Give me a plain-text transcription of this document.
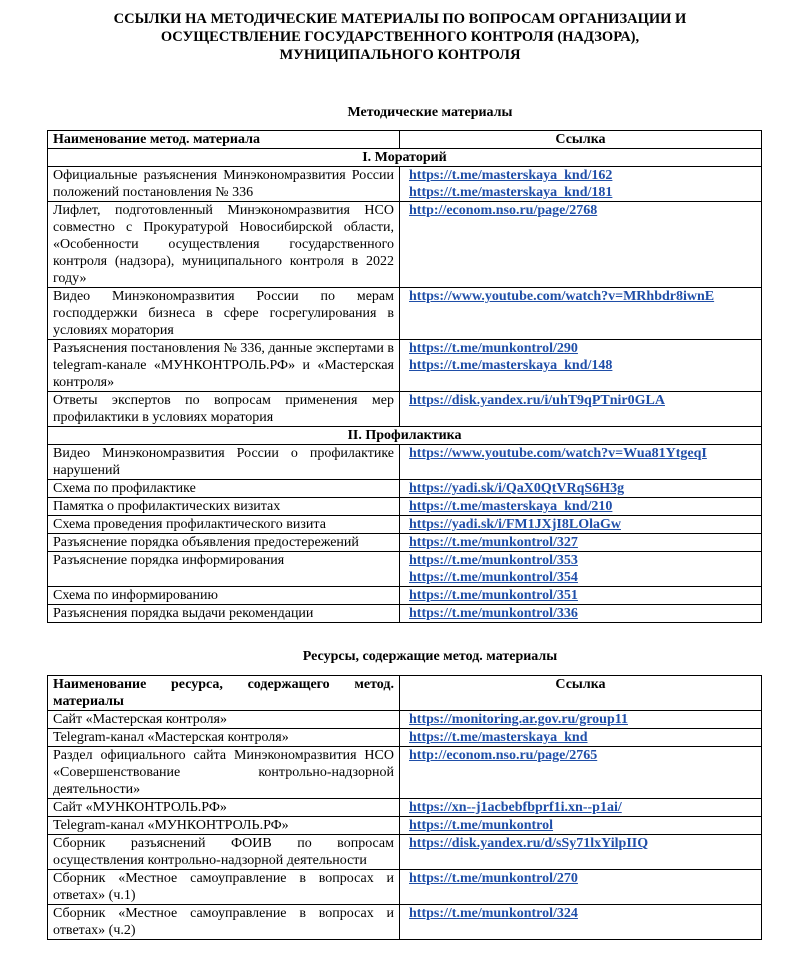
ССЫЛКИ НА МЕТОДИЧЕСКИЕ МАТЕРИАЛЫ ПО ВОПРОСАМ ОРГАНИЗАЦИИ И
ОСУЩЕСТВЛЕНИЕ ГОСУДАРСТВЕННОГО КОНТРОЛЯ (НАДЗОРА),
МУНИЦИПАЛЬНОГО КОНТРОЛЯ
Методические материалы
Наименование метод. материала	Ссылка
I. Мораторий	
Официальные разъяснения Минэкономразвития России положений постановления № 336	https://t.me/masterskaya_knd/162
https://t.me/masterskaya_knd/181

Лифлет, подготовленный Минэкономразвития НСО совместно с Прокуратурой Новосибирской области, «Особенности осуществления государственного контроля (надзора), муниципального контроля в 2022 году»	http://econom.nso.ru/page/2768

Видео Минэкономразвития России по мерам господдержки бизнеса в сфере госрегулирования в условиях моратория	https://www.youtube.com/watch?v=MRhbdr8iwnE

Разъяснения постановления № 336, данные экспертами в telegram-канале «МУНКОНТРОЛЬ.РФ» и «Мастерская контроля»	https://t.me/munkontrol/290
https://t.me/masterskaya_knd/148

Ответы экспертов по вопросам применения мер профилактики в условиях моратория	https://disk.yandex.ru/i/uhT9qPTnir0GLA

II. Профилактика	
Видео Минэкономразвития России о профилактике нарушений	https://www.youtube.com/watch?v=Wua81YtgeqI

Схема по профилактике	https://yadi.sk/i/QaX0QtVRqS6H3g

Памятка о профилактических визитах	https://t.me/masterskaya_knd/210

Схема проведения профилактического визита	https://yadi.sk/i/FM1JXjI8LOlaGw

Разъяснение порядка объявления предостережений	https://t.me/munkontrol/327

Разъяснение порядка информирования	https://t.me/munkontrol/353
https://t.me/munkontrol/354

Схема по информированию	https://t.me/munkontrol/351

Разъяснения порядка выдачи рекомендации	https://t.me/munkontrol/336
Ресурсы, содержащие метод. материалы
Наименование ресурса, содержащего метод. материалы	Ссылка
Сайт «Мастерская контроля»	https://monitoring.ar.gov.ru/group11

Telegram-канал «Мастерская контроля»	https://t.me/masterskaya_knd

Раздел официального сайта Минэкономразвития НСО «Совершенствование контрольно-надзорной деятельности»	http://econom.nso.ru/page/2765

Сайт «МУНКОНТРОЛЬ.РФ»	https://xn--j1acbebfbprf1i.xn--p1ai/

Telegram-канал «МУНКОНТРОЛЬ.РФ»	https://t.me/munkontrol

Сборник разъяснений ФОИВ по вопросам осуществления контрольно-надзорной деятельности	https://disk.yandex.ru/d/sSy71lxYilpIIQ

Сборник «Местное самоуправление в вопросах и ответах» (ч.1)	https://t.me/munkontrol/270

Сборник «Местное самоуправление в вопросах и ответах» (ч.2)	https://t.me/munkontrol/324
